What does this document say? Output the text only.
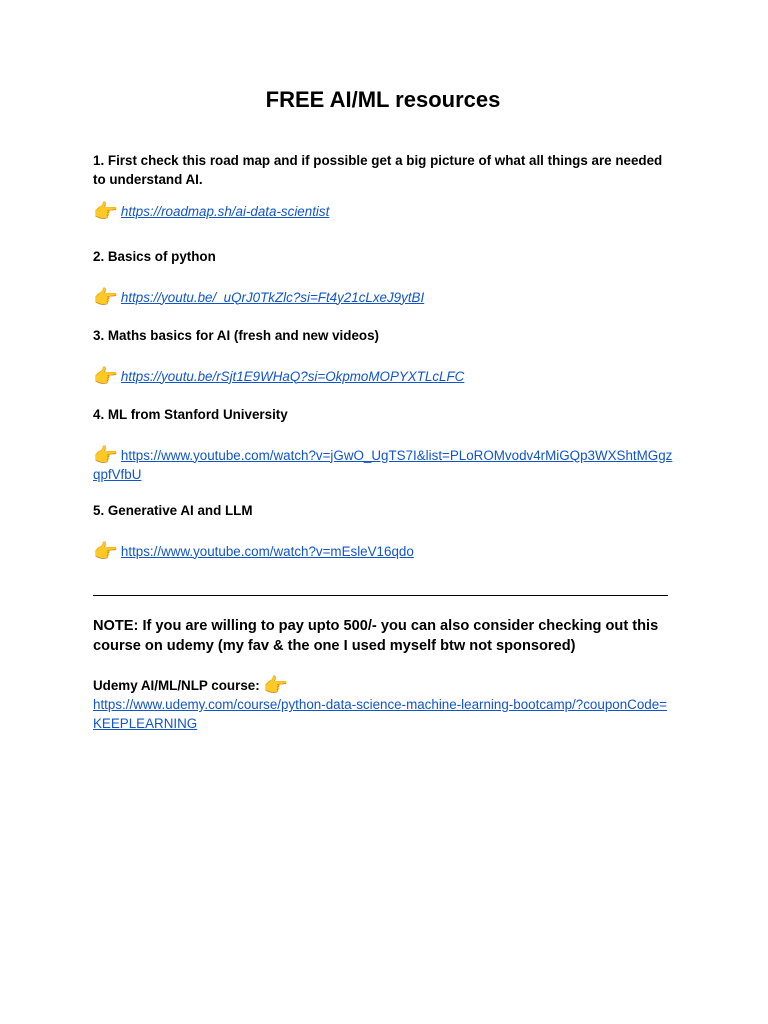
FREE AI/ML resources

1. First check this road map and if possible get a big picture of what all things are needed to understand AI.

👉 https://roadmap.sh/ai-data-scientist

2. Basics of python

👉 https://youtu.be/_uQrJ0TkZlc?si=Ft4y21cLxeJ9ytBI

3. Maths basics for AI (fresh and new videos)

👉 https://youtu.be/rSjt1E9WHaQ?si=OkpmoMOPYXTLcLFC

4. ML from Stanford University

👉 https://www.youtube.com/watch?v=jGwO_UgTS7I&list=PLoROMvodv4rMiGQp3WXShtMGgzqpfVfbU

5. Generative AI and LLM

👉 https://www.youtube.com/watch?v=mEsleV16qdo

NOTE: If you are willing to pay upto 500/- you can also consider checking out this course on udemy (my fav & the one I used myself btw not sponsored)

Udemy AI/ML/NLP course: 👉
https://www.udemy.com/course/python-data-science-machine-learning-bootcamp/?couponCode=KEEPLEARNING
